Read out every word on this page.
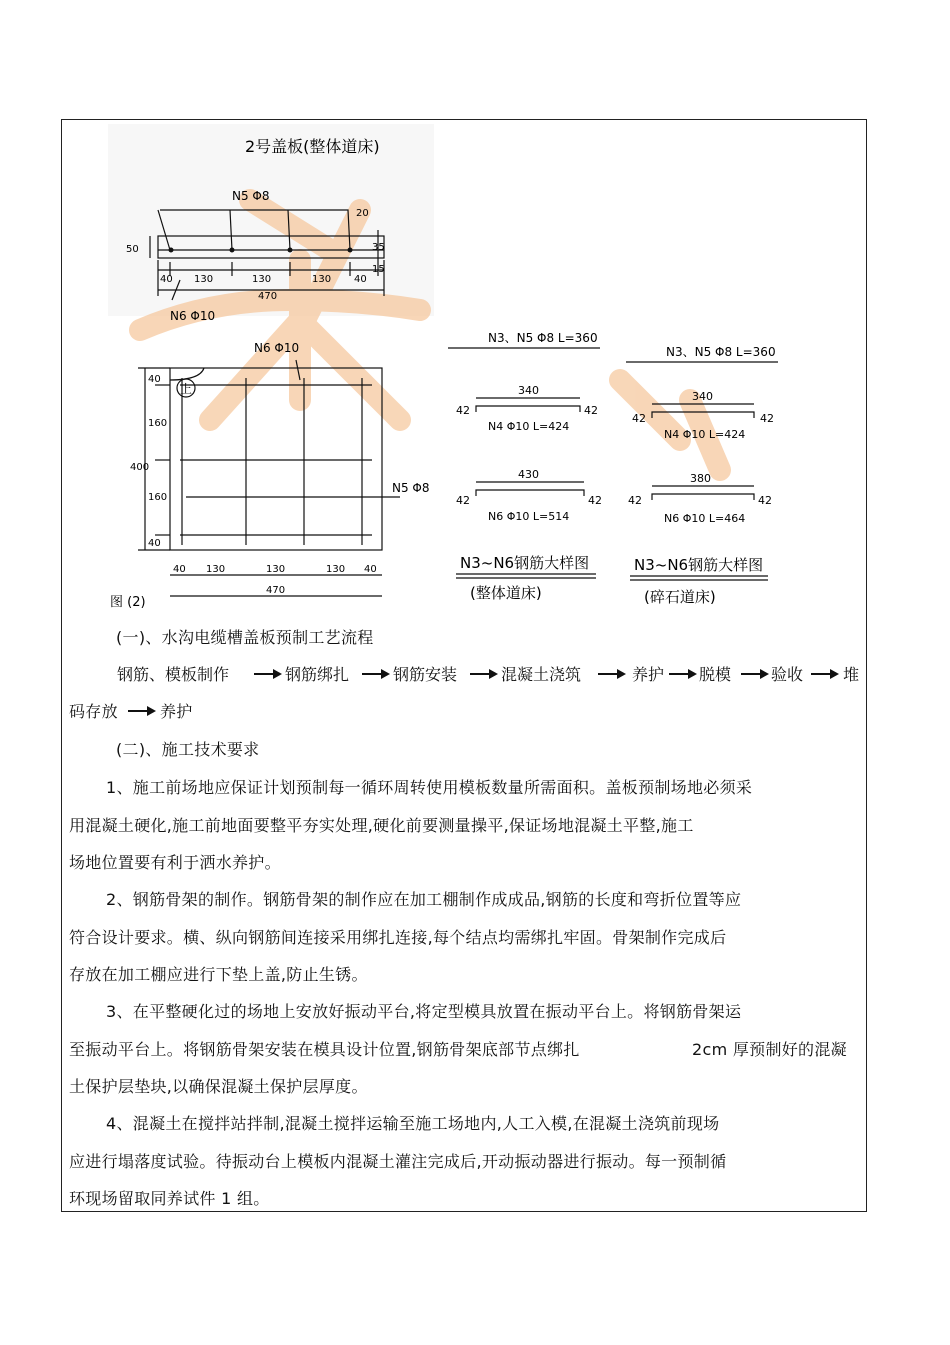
2号盖板(整体道床)
N5 Φ8
20
35
15
50
40 130	130	130 40
470
N6 Φ10
上
N6 Φ10
N5 Φ8
400
160
160
40
40
40 130	130	130 40
470
图 (2)
N3、N5 Φ8 L=360
340
42	42
N4 Φ10 L=424
430
42	42
N6 Φ10 L=514
N3~N6钢筋大样图
(整体道床)
N3、N5 Φ8 L=360
340
42	42
N4 Φ10 L=424
380
42	42
N6 Φ10 L=464
N3~N6钢筋大样图
(碎石道床)
(一)、水沟电缆槽盖板预制工艺流程
钢筋、模板制作	钢筋绑扎	钢筋安装	混凝土浇筑	养护 脱模 验收 堆
码存放	养护
(二)、施工技术要求
1、施工前场地应保证计划预制每一循环周转使用模板数量所需面积。盖板预制场地必须采
用混凝土硬化,施工前地面要整平夯实处理,硬化前要测量操平,保证场地混凝土平整,施工
场地位置要有利于洒水养护。
2、钢筋骨架的制作。钢筋骨架的制作应在加工棚制作成成品,钢筋的长度和弯折位置等应
符合设计要求。横、纵向钢筋间连接采用绑扎连接,每个结点均需绑扎牢固。骨架制作完成后
存放在加工棚应进行下垫上盖,防止生锈。
3、在平整硬化过的场地上安放好振动平台,将定型模具放置在振动平台上。将钢筋骨架运
至振动平台上。将钢筋骨架安装在模具设计位置,钢筋骨架底部节点绑扎	2cm 厚预制好的混凝
土保护层垫块,以确保混凝土保护层厚度。
4、混凝土在搅拌站拌制,混凝土搅拌运输至施工场地内,人工入模,在混凝土浇筑前现场
应进行塌落度试验。待振动台上模板内混凝土灌注完成后,开动振动器进行振动。每一预制循
环现场留取同养试件 1 组。
